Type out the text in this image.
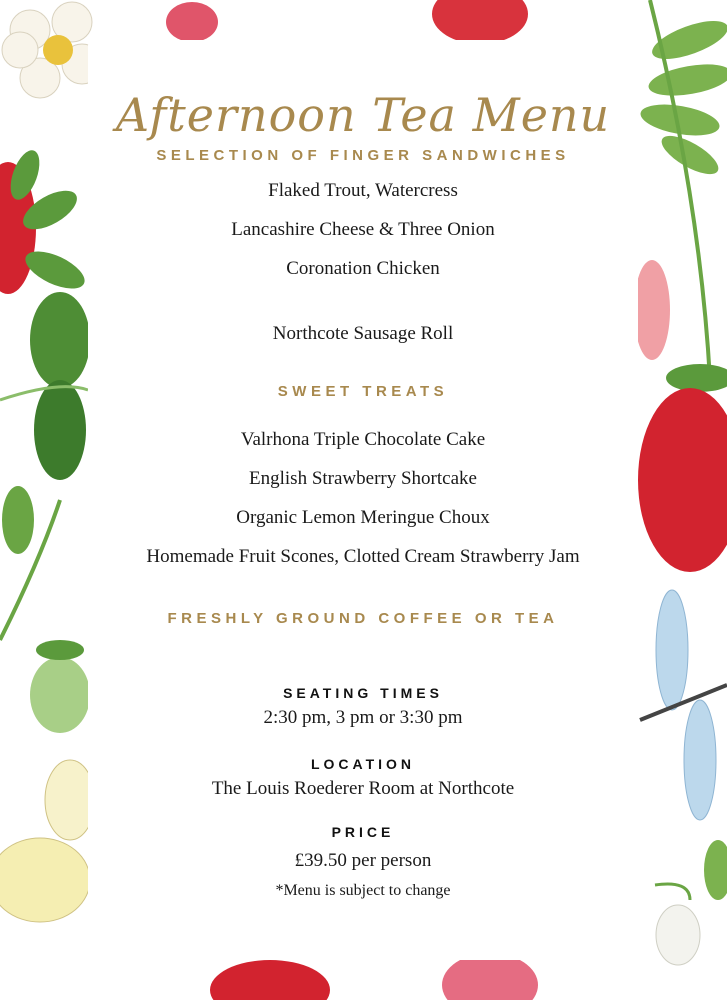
Afternoon Tea Menu
SELECTION OF FINGER SANDWICHES
Flaked Trout, Watercress
Lancashire Cheese & Three Onion
Coronation Chicken
Northcote Sausage Roll
SWEET TREATS
Valrhona Triple Chocolate Cake
English Strawberry Shortcake
Organic Lemon Meringue Choux
Homemade Fruit Scones, Clotted Cream Strawberry Jam
FRESHLY GROUND COFFEE OR TEA
SEATING TIMES
2:30 pm, 3 pm or 3:30 pm
LOCATION
The Louis Roederer Room at Northcote
PRICE
£39.50 per person
*Menu is subject to change
